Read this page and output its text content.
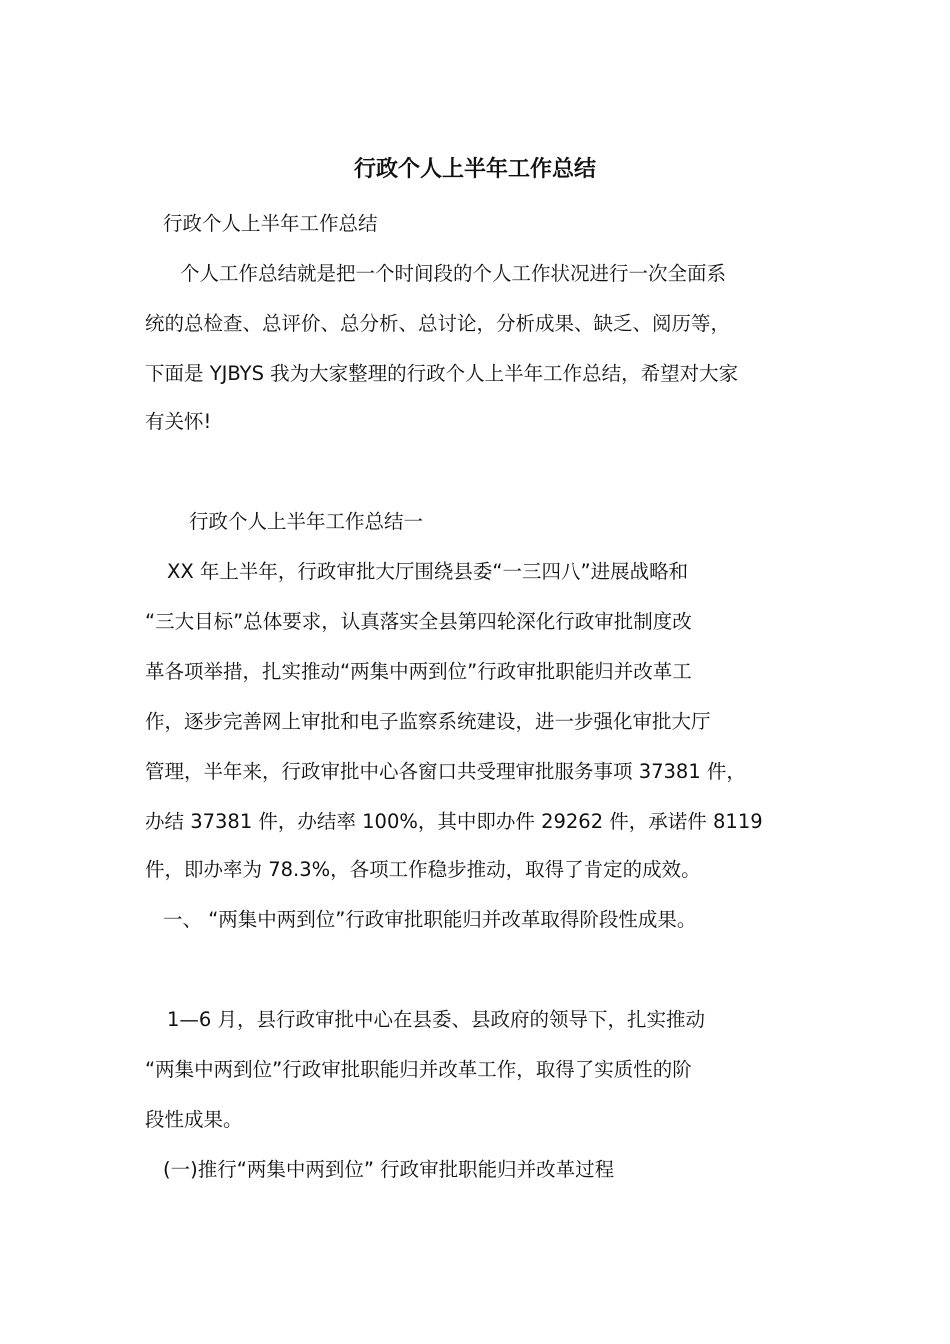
行政个人上半年工作总结

行政个人上半年工作总结

个人工作总结就是把一个时间段的个人工作状况进行一次全面系

统的总检查、总评价、总分析、总讨论，分析成果、缺乏、阅历等，

下面是 YJBYS 我为大家整理的行政个人上半年工作总结，希望对大家

有关怀!

行政个人上半年工作总结一

XX 年上半年，行政审批大厅围绕县委“一三四八”进展战略和

“三大目标”总体要求，认真落实全县第四轮深化行政审批制度改

革各项举措，扎实推动“两集中两到位”行政审批职能归并改革工

作，逐步完善网上审批和电子监察系统建设，进一步强化审批大厅

管理，半年来，行政审批中心各窗口共受理审批服务事项 37381 件，

办结 37381 件，办结率 100%，其中即办件 29262 件，承诺件 8119

件，即办率为 78.3%，各项工作稳步推动，取得了肯定的成效。

一、 “两集中两到位”行政审批职能归并改革取得阶段性成果。

1—6 月，县行政审批中心在县委、县政府的领导下，扎实推动

“两集中两到位”行政审批职能归并改革工作，取得了实质性的阶

段性成果。

(一)推行“两集中两到位” 行政审批职能归并改革过程
